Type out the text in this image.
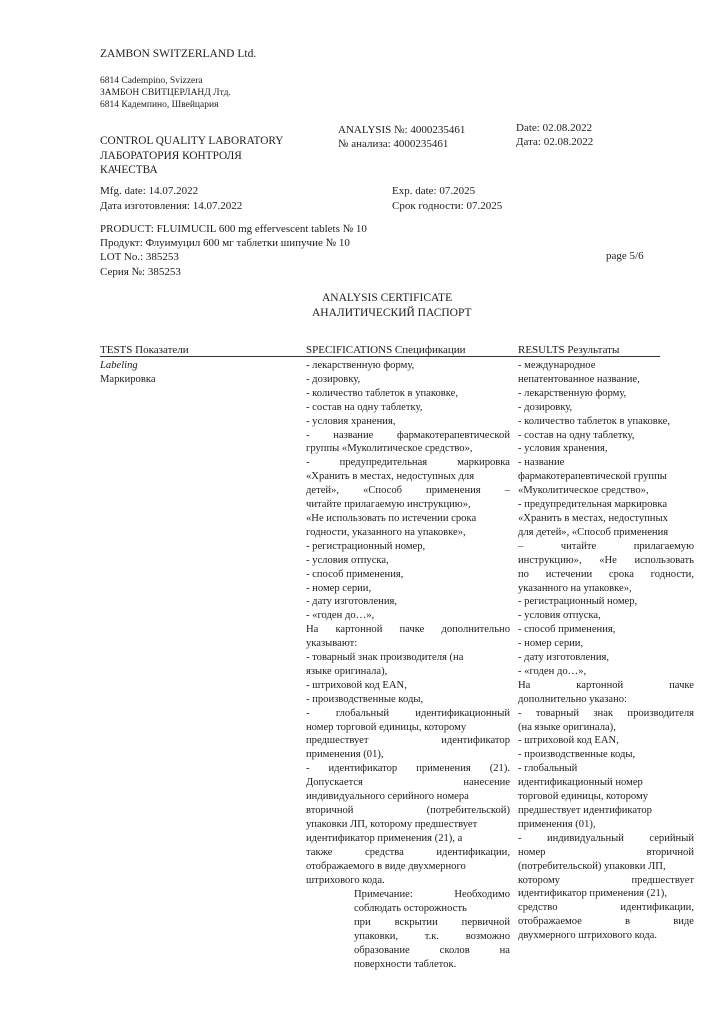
ZAMBON SWITZERLAND Ltd.
6814 Cadempino, Svizzera
ЗАМБОН СВИТЦЕРЛАНД Лтд.
6814 Кадемпино, Швейцария
CONTROL QUALITY LABORATORY
ЛАБОРАТОРИЯ КОНТРОЛЯ
КАЧЕСТВА
ANALYSIS №: 4000235461
№ анализа: 4000235461
Date: 02.08.2022
Дата: 02.08.2022
Mfg. date: 14.07.2022
Дата изготовления: 14.07.2022
Exp. date: 07.2025
Срок годности: 07.2025
PRODUCT: FLUIMUCIL 600 mg effervescent tablets № 10
Продукт: Флуимуцил 600 мг таблетки шипучие № 10
LOT No.: 385253
Серия №: 385253
page 5/6
ANALYSIS CERTIFICATE
АНАЛИТИЧЕСКИЙ ПАСПОРТ
TESTS Показатели	SPECIFICATIONS Спецификации	RESULTS Результаты
Labeling
Маркировка
- лекарственную форму,
- дозировку,
- количество таблеток в упаковке,
- состав на одну таблетку,
- условия хранения,
- название фармакотерапевтической
группы «Муколитическое средство»,
- предупредительная маркировка
«Хранить в местах, недоступных для
детей», «Способ применения –
читайте прилагаемую инструкцию»,
«Не использовать по истечении срока
годности, указанного на упаковке»,
- регистрационный номер,
- условия отпуска,
- способ применения,
- номер серии,
- дату изготовления,
- «годен до…»,
На картонной пачке дополнительно
указывают:
- товарный знак производителя (на
языке оригинала),
- штриховой код EAN,
- производственные коды,
- глобальный идентификационный
номер торговой единицы, которому
предшествует идентификатор
применения (01),
- идентификатор применения (21).
Допускается нанесение
индивидуального серийного номера
вторичной (потребительской)
упаковки ЛП, которому предшествует
идентификатор применения (21), а
также средства идентификации,
отображаемого в виде двухмерного
штрихового кода.
Примечание: Необходимо
соблюдать осторожность
при вскрытии первичной
упаковки, т.к. возможно
образование сколов на
поверхности таблеток.
- международное
непатентованное название,
- лекарственную форму,
- дозировку,
- количество таблеток в упаковке,
- состав на одну таблетку,
- условия хранения,
- название
фармакотерапевтической группы
«Муколитическое средство»,
- предупредительная маркировка
«Хранить в местах, недоступных
для детей», «Способ применения
– читайте прилагаемую
инструкцию», «Не использовать
по истечении срока годности,
указанного на упаковке»,
- регистрационный номер,
- условия отпуска,
- способ применения,
- номер серии,
- дату изготовления,
- «годен до…»,
На картонной пачке
дополнительно указано:
- товарный знак производителя
(на языке оригинала),
- штриховой код EAN,
- производственные коды,
- глобальный
идентификационный номер
торговой единицы, которому
предшествует идентификатор
применения (01),
- индивидуальный серийный
номер вторичной
(потребительской) упаковки ЛП,
которому предшествует
идентификатор применения (21),
средство идентификации,
отображаемое в виде
двухмерного штрихового кода.
